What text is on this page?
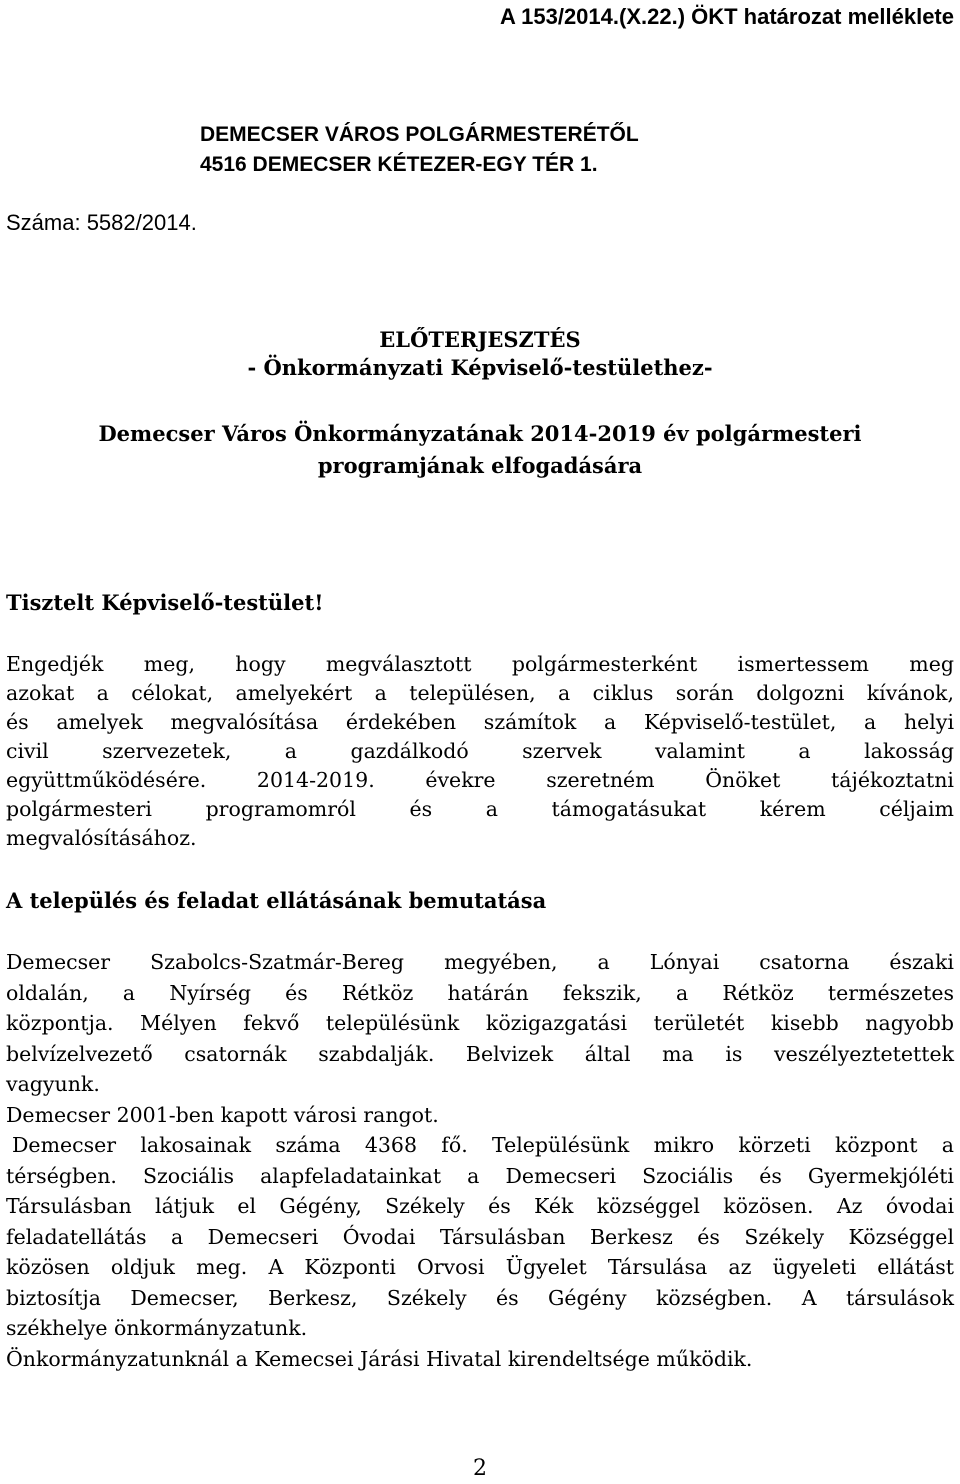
A 153/2014.(X.22.) ÖKT határozat melléklete

DEMECSER VÁROS POLGÁRMESTERÉTŐL
4516 DEMECSER KÉTEZER-EGY TÉR 1.

Száma: 5582/2014.

ELŐTERJESZTÉS

- Önkormányzati Képviselő-testülethez-

Demecser Város Önkormányzatának 2014-2019 év polgármesteri
programjának elfogadására

Tisztelt Képviselő-testület!

Engedjék meg, hogy megválasztott polgármesterként ismertessem meg
azokat a célokat, amelyekért a településen, a ciklus során dolgozni kívánok,
és amelyek megvalósítása érdekében számítok a Képviselő-testület, a helyi
civil szervezetek, a gazdálkodó szervek valamint a lakosság
együttműködésére. 2014-2019. évekre szeretném Önöket tájékoztatni
polgármesteri programomról és a támogatásukat kérem céljaim
megvalósításához.

A település és feladat ellátásának bemutatása

Demecser Szabolcs-Szatmár-Bereg megyében, a Lónyai csatorna északi
oldalán, a Nyírség és Rétköz határán fekszik, a Rétköz természetes
központja. Mélyen fekvő településünk közigazgatási területét kisebb nagyobb
belvízelvezető csatornák szabdalják. Belvizek által ma is veszélyeztetettek
vagyunk.
Demecser 2001-ben kapott városi rangot.
Demecser lakosainak száma 4368 fő. Településünk mikro körzeti központ a
térségben. Szociális alapfeladatainkat a Demecseri Szociális és Gyermekjóléti
Társulásban látjuk el Gégény, Székely és Kék községgel közösen. Az óvodai
feladatellátás a Demecseri Óvodai Társulásban Berkesz és Székely Községgel
közösen oldjuk meg. A Központi Orvosi Ügyelet Társulása az ügyeleti ellátást
biztosítja Demecser, Berkesz, Székely és Gégény községben. A társulások
székhelye önkormányzatunk.
Önkormányzatunknál a Kemecsei Járási Hivatal kirendeltsége működik.

2
